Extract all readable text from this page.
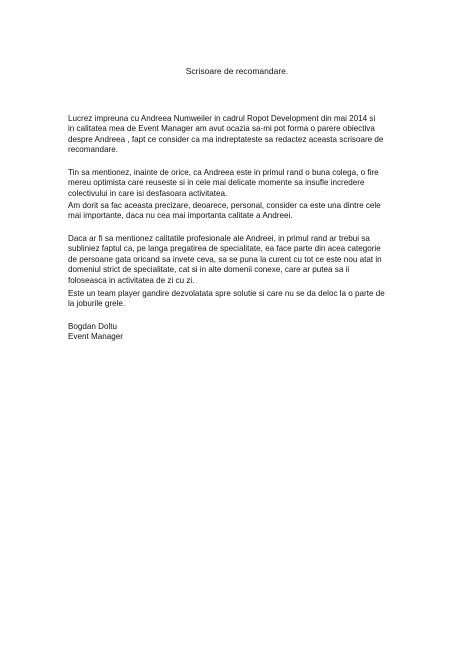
Scrisoare de recomandare.
Lucrez impreuna cu Andreea Numweiler in cadrul Ropot Development din mai 2014 si
in calitatea mea de Event Manager am avut ocazia sa-mi pot forma o parere obiectiva
despre Andreea , fapt ce consider ca ma indreptateste sa redactez aceasta scrisoare de
recomandare.
Tin sa mentionez, inainte de orice, ca Andreea este in primul rand o buna colega, o fire
mereu optimista care reuseste si in cele mai delicate momente sa insufle incredere
colectivului in care isi desfasoara activitatea.
Am dorit sa fac aceasta precizare, deoarece, personal, consider ca este una dintre cele
mai importante, daca nu cea mai importanta calitate a Andreei.
Daca ar fi sa mentionez calitatile profesionale ale Andreei, in primul rand ar trebui sa
subliniez faptul ca, pe langa pregatirea de specialitate, ea face parte din acea categorie
de persoane gata oricand sa invete ceva, sa se puna la curent cu tot ce este nou atat in
domeniul strict de specialitate, cat si in alte domenii conexe, care ar putea sa ii
foloseasca in activitatea de zi cu zi.
Este un team player gandire dezvolatata spre solutie si care nu se da deloc la o parte de
la joburile grele.
Bogdan Doltu
Event Manager
